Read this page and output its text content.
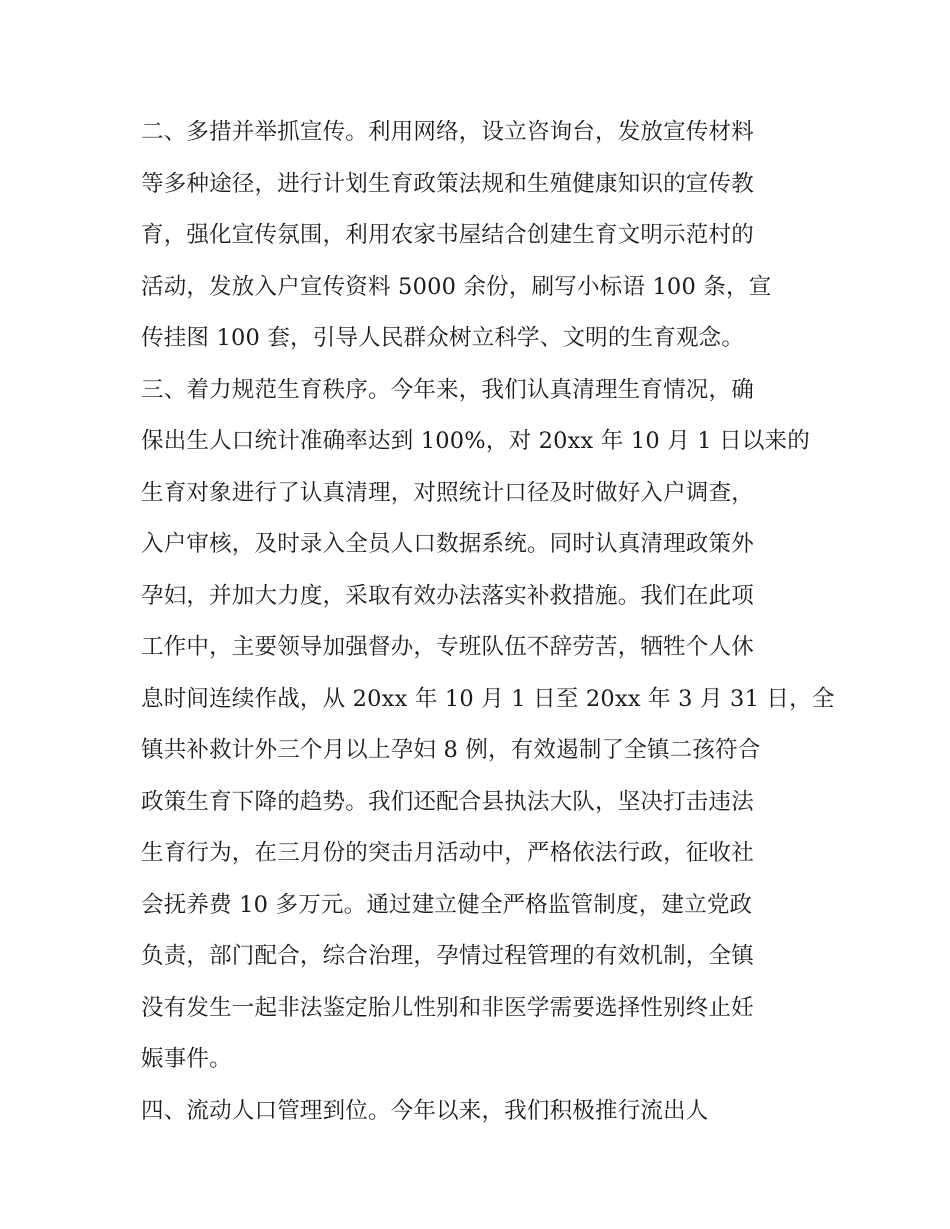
二、多措并举抓宣传。利用网络，设立咨询台，发放宣传材料
等多种途径，进行计划生育政策法规和生殖健康知识的宣传教
育，强化宣传氛围，利用农家书屋结合创建生育文明示范村的
活动，发放入户宣传资料 5000 余份，刷写小标语 100 条，宣
传挂图 100 套，引导人民群众树立科学、文明的生育观念。
三、着力规范生育秩序。今年来，我们认真清理生育情况，确
保出生人口统计准确率达到 100%，对 20xx 年 10 月 1 日以来的
生育对象进行了认真清理，对照统计口径及时做好入户调查，
入户审核，及时录入全员人口数据系统。同时认真清理政策外
孕妇，并加大力度，采取有效办法落实补救措施。我们在此项
工作中，主要领导加强督办，专班队伍不辞劳苦，牺牲个人休
息时间连续作战，从 20xx 年 10 月 1 日至 20xx 年 3 月 31 日，全
镇共补救计外三个月以上孕妇 8 例，有效遏制了全镇二孩符合
政策生育下降的趋势。我们还配合县执法大队，坚决打击违法
生育行为，在三月份的突击月活动中，严格依法行政，征收社
会抚养费 10 多万元。通过建立健全严格监管制度，建立党政
负责，部门配合，综合治理，孕情过程管理的有效机制，全镇
没有发生一起非法鉴定胎儿性别和非医学需要选择性别终止妊
娠事件。
四、流动人口管理到位。今年以来，我们积极推行流出人
